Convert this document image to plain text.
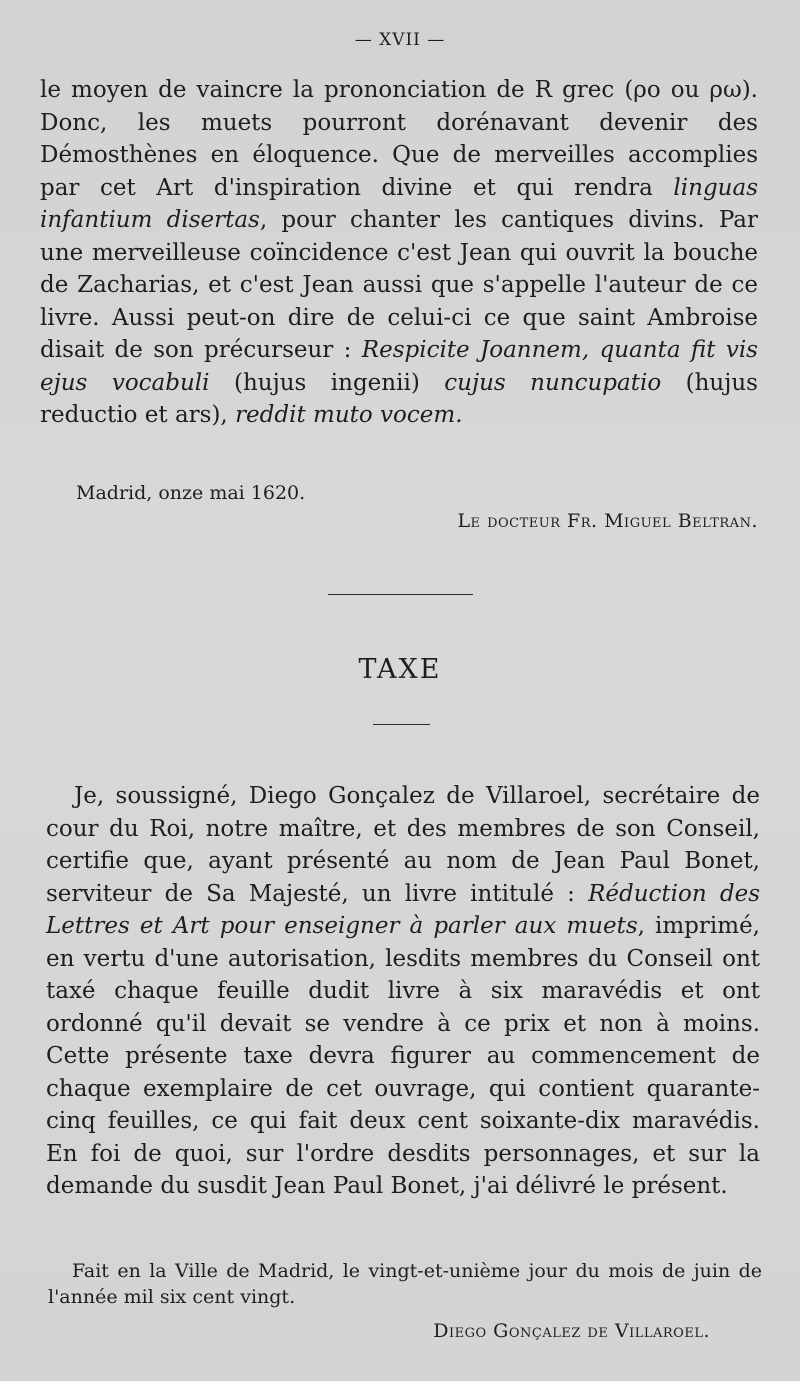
— XVII —

le moyen de vaincre la prononciation de R grec (ρο ou ρω). Donc, les muets pourront dorénavant devenir des Démosthènes en éloquence. Que de merveilles accomplies par cet Art d'inspiration divine et qui rendra linguas infantium disertas, pour chanter les cantiques divins. Par une merveilleuse coïncidence c'est Jean qui ouvrit la bouche de Zacharias, et c'est Jean aussi que s'appelle l'auteur de ce livre. Aussi peut-on dire de celui-ci ce que saint Ambroise disait de son précurseur : Respicite Joannem, quanta fit vis ejus vocabuli (hujus ingenii) cujus nuncupatio (hujus reductio et ars), reddit muto vocem.

Madrid, onze mai 1620.
Le docteur Fr. Miguel Beltran.
TAXE

Je, soussigné, Diego Gonçalez de Villaroel, secrétaire de cour du Roi, notre maître, et des membres de son Conseil, certifie que, ayant présenté au nom de Jean Paul Bonet, serviteur de Sa Majesté, un livre intitulé : Réduction des Lettres et Art pour enseigner à parler aux muets, imprimé, en vertu d'une autorisation, lesdits membres du Conseil ont taxé chaque feuille dudit livre à six maravédis et ont ordonné qu'il devait se vendre à ce prix et non à moins. Cette présente taxe devra figurer au commencement de chaque exemplaire de cet ouvrage, qui contient quarante-cinq feuilles, ce qui fait deux cent soixante-dix maravédis. En foi de quoi, sur l'ordre desdits personnages, et sur la demande du susdit Jean Paul Bonet, j'ai délivré le présent.

Fait en la Ville de Madrid, le vingt-et-unième jour du mois de juin de l'année mil six cent vingt.
Diego Gonçalez de Villaroel.
